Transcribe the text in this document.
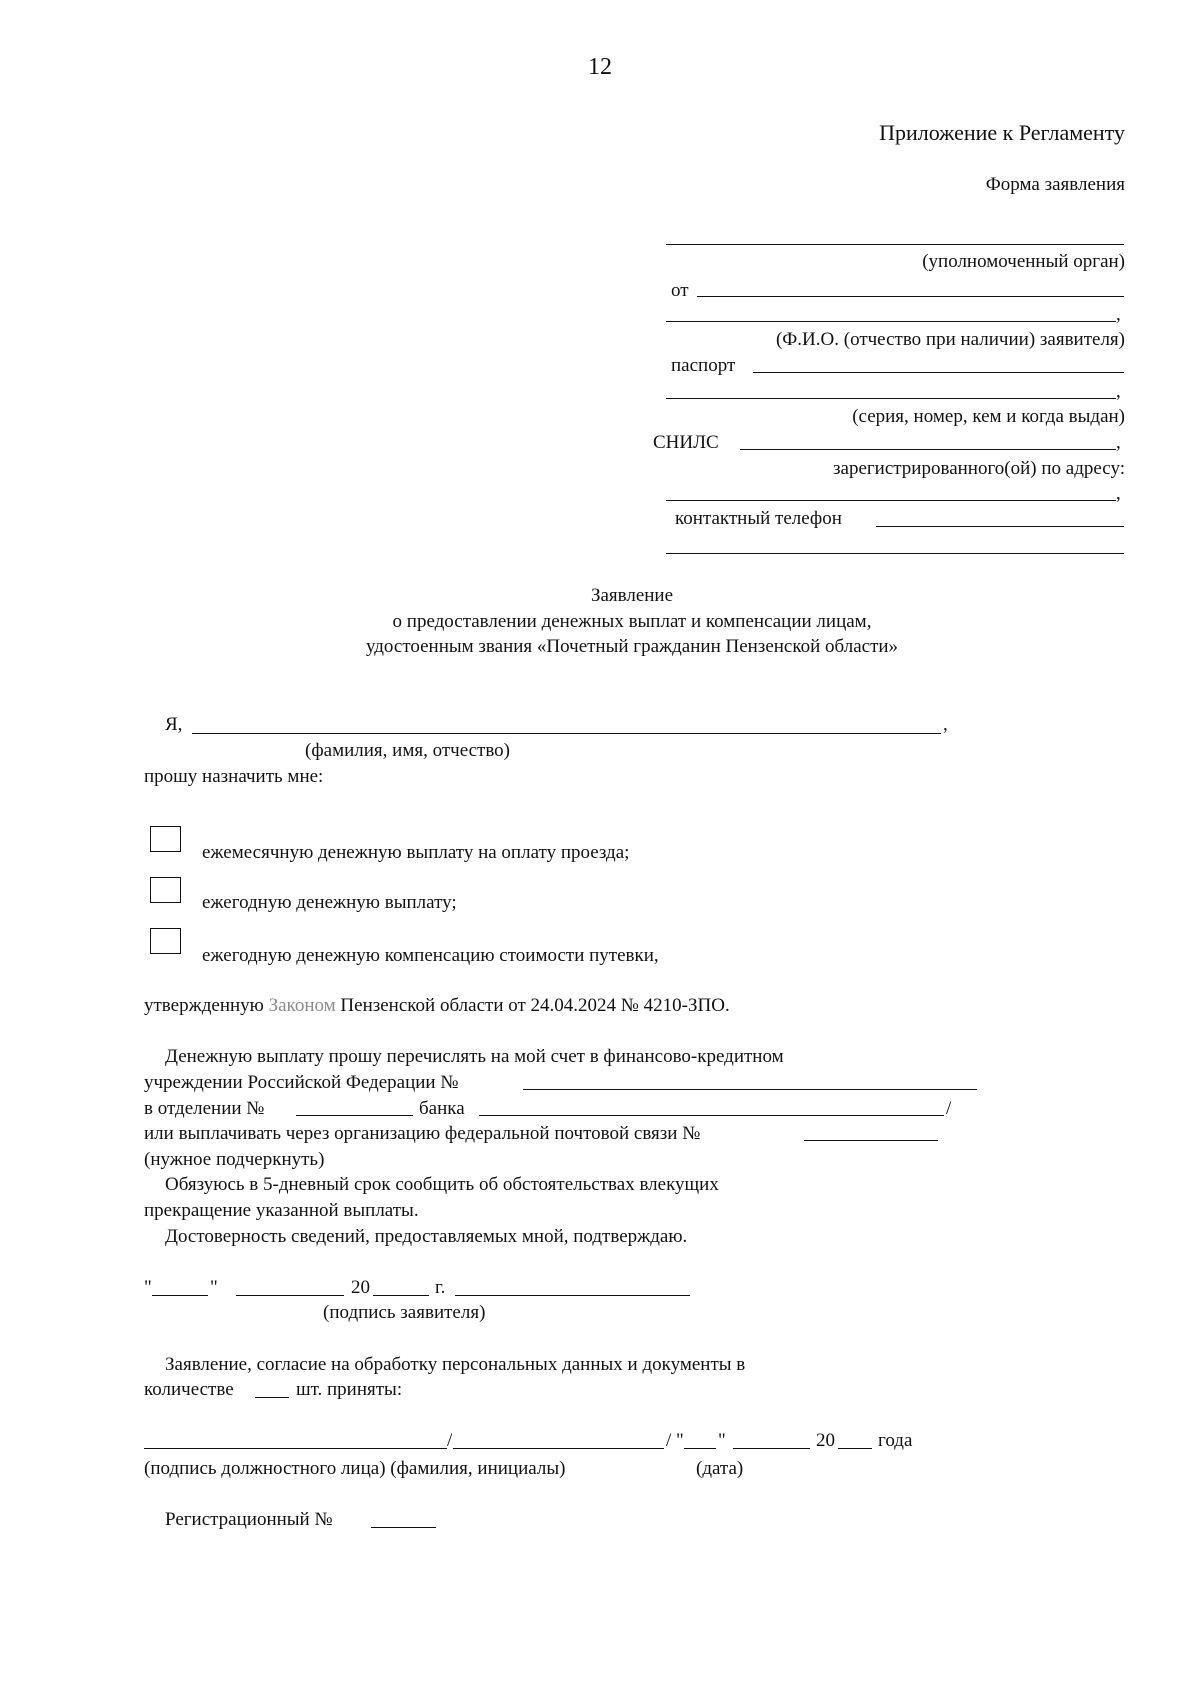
12
Приложение к Регламенту
Форма заявления
(уполномоченный орган)
от
,
(Ф.И.О. (отчество при наличии) заявителя)
паспорт
,
(серия, номер, кем и когда выдан)
СНИЛС	,
зарегистрированного(ой) по адресу:
,
контактный телефон
Заявление
о предоставлении денежных выплат и компенсации лицам,
удостоенным звания «Почетный гражданин Пензенской области»
Я,	,
(фамилия, имя, отчество)
прошу назначить мне:
ежемесячную денежную выплату на оплату проезда;
ежегодную денежную выплату;
ежегодную денежную компенсацию стоимости путевки,
утвержденную Законом Пензенской области от 24.04.2024 № 4210-ЗПО.
Денежную выплату прошу перечислять на мой счет в финансово-кредитном
учреждении Российской Федерации №
в отделении №	банка	/
или выплачивать через организацию федеральной почтовой связи №
(нужное подчеркнуть)
Обязуюсь в 5-дневный срок сообщить об обстоятельствах влекущих
прекращение указанной выплаты.
Достоверность сведений, предоставляемых мной, подтверждаю.
"	"	20	г.
(подпись заявителя)
Заявление, согласие на обработку персональных данных и документы в
количестве	шт. приняты:
/	/ " "	20 года
(подпись должностного лица) (фамилия, инициалы)	(дата)
Регистрационный №
